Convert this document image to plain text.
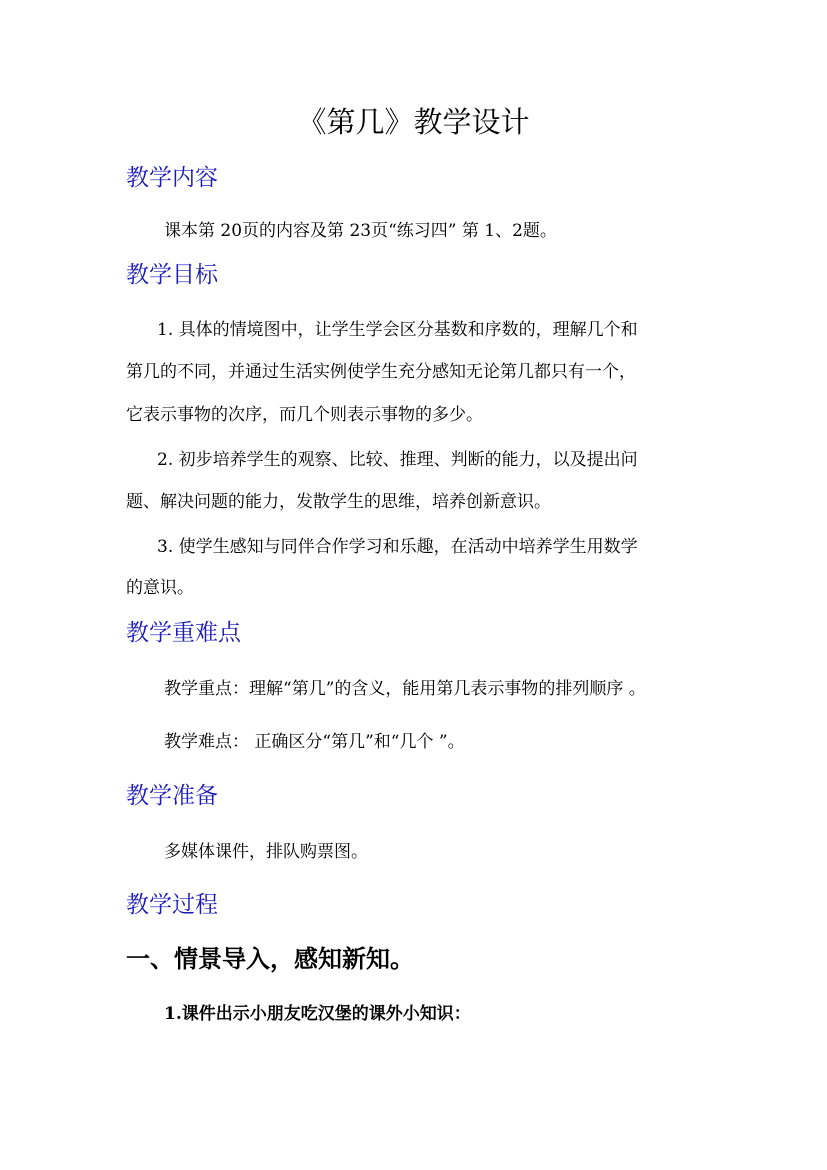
《第几》教学设计
教学内容
课本第 20页的内容及第 23页“练习四” 第 1、2题。
教学目标
1. 具体的情境图中，让学生学会区分基数和序数的，理解几个和
第几的不同，并通过生活实例使学生充分感知无论第几都只有一个，
它表示事物的次序，而几个则表示事物的多少。
2. 初步培养学生的观察、比较、推理、判断的能力，以及提出问
题、解决问题的能力，发散学生的思维，培养创新意识。
3. 使学生感知与同伴合作学习和乐趣，在活动中培养学生用数学
的意识。
教学重难点
教学重点：理解“第几”的含义，能用第几表示事物的排列顺序 。
教学难点： 正确区分“第几”和“几个 ”。
教学准备
多媒体课件，排队购票图。
教学过程
一、情景导入，感知新知。
1.课件出示小朋友吃汉堡的课外小知识：
